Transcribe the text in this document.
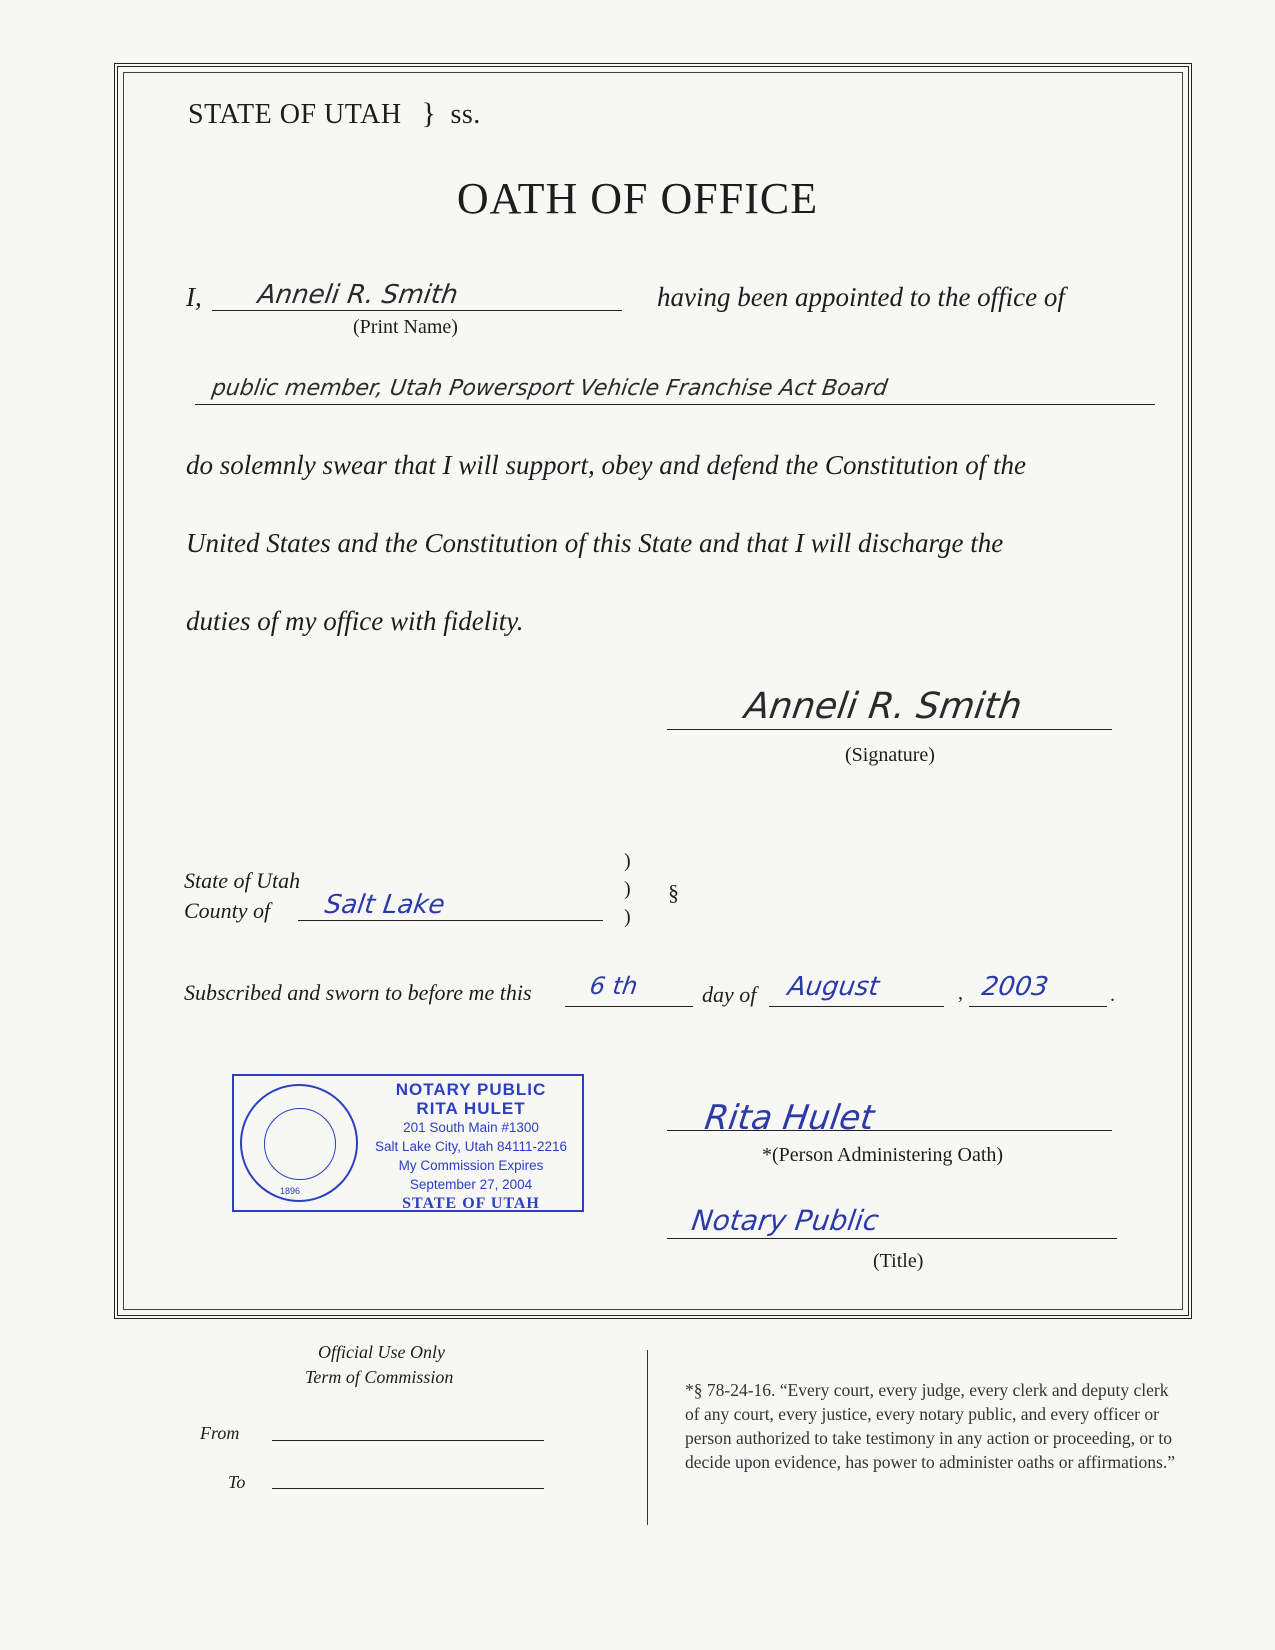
STATE OF UTAH } ss.
OATH OF OFFICE
I, Anneli R. Smith
(Print Name)
having been appointed to the office of
public member, Utah Powersport Vehicle Franchise Act Board
do solemnly swear that I will support, obey and defend the Constitution of the
United States and the Constitution of this State and that I will discharge the
duties of my office with fidelity.
Anneli R. Smith
(Signature)
State of Utah
County of Salt Lake
)
)
)
§
Subscribed and sworn to before me this 6 th	day of August	, 2003	.
1896
NOTARY PUBLIC
RITA HULET
201 South Main #1300
Salt Lake City, Utah 84111-2216
My Commission Expires
September 27, 2004
STATE OF UTAH
Rita Hulet
*(Person Administering Oath)
Notary Public
(Title)
Official Use Only
Term of Commission
From
To
*§ 78-24-16. “Every court, every judge, every clerk and deputy clerk of any court, every justice, every notary public, and every officer or person authorized to take testimony in any action or proceeding, or to decide upon evidence, has power to administer oaths or affirmations.”
